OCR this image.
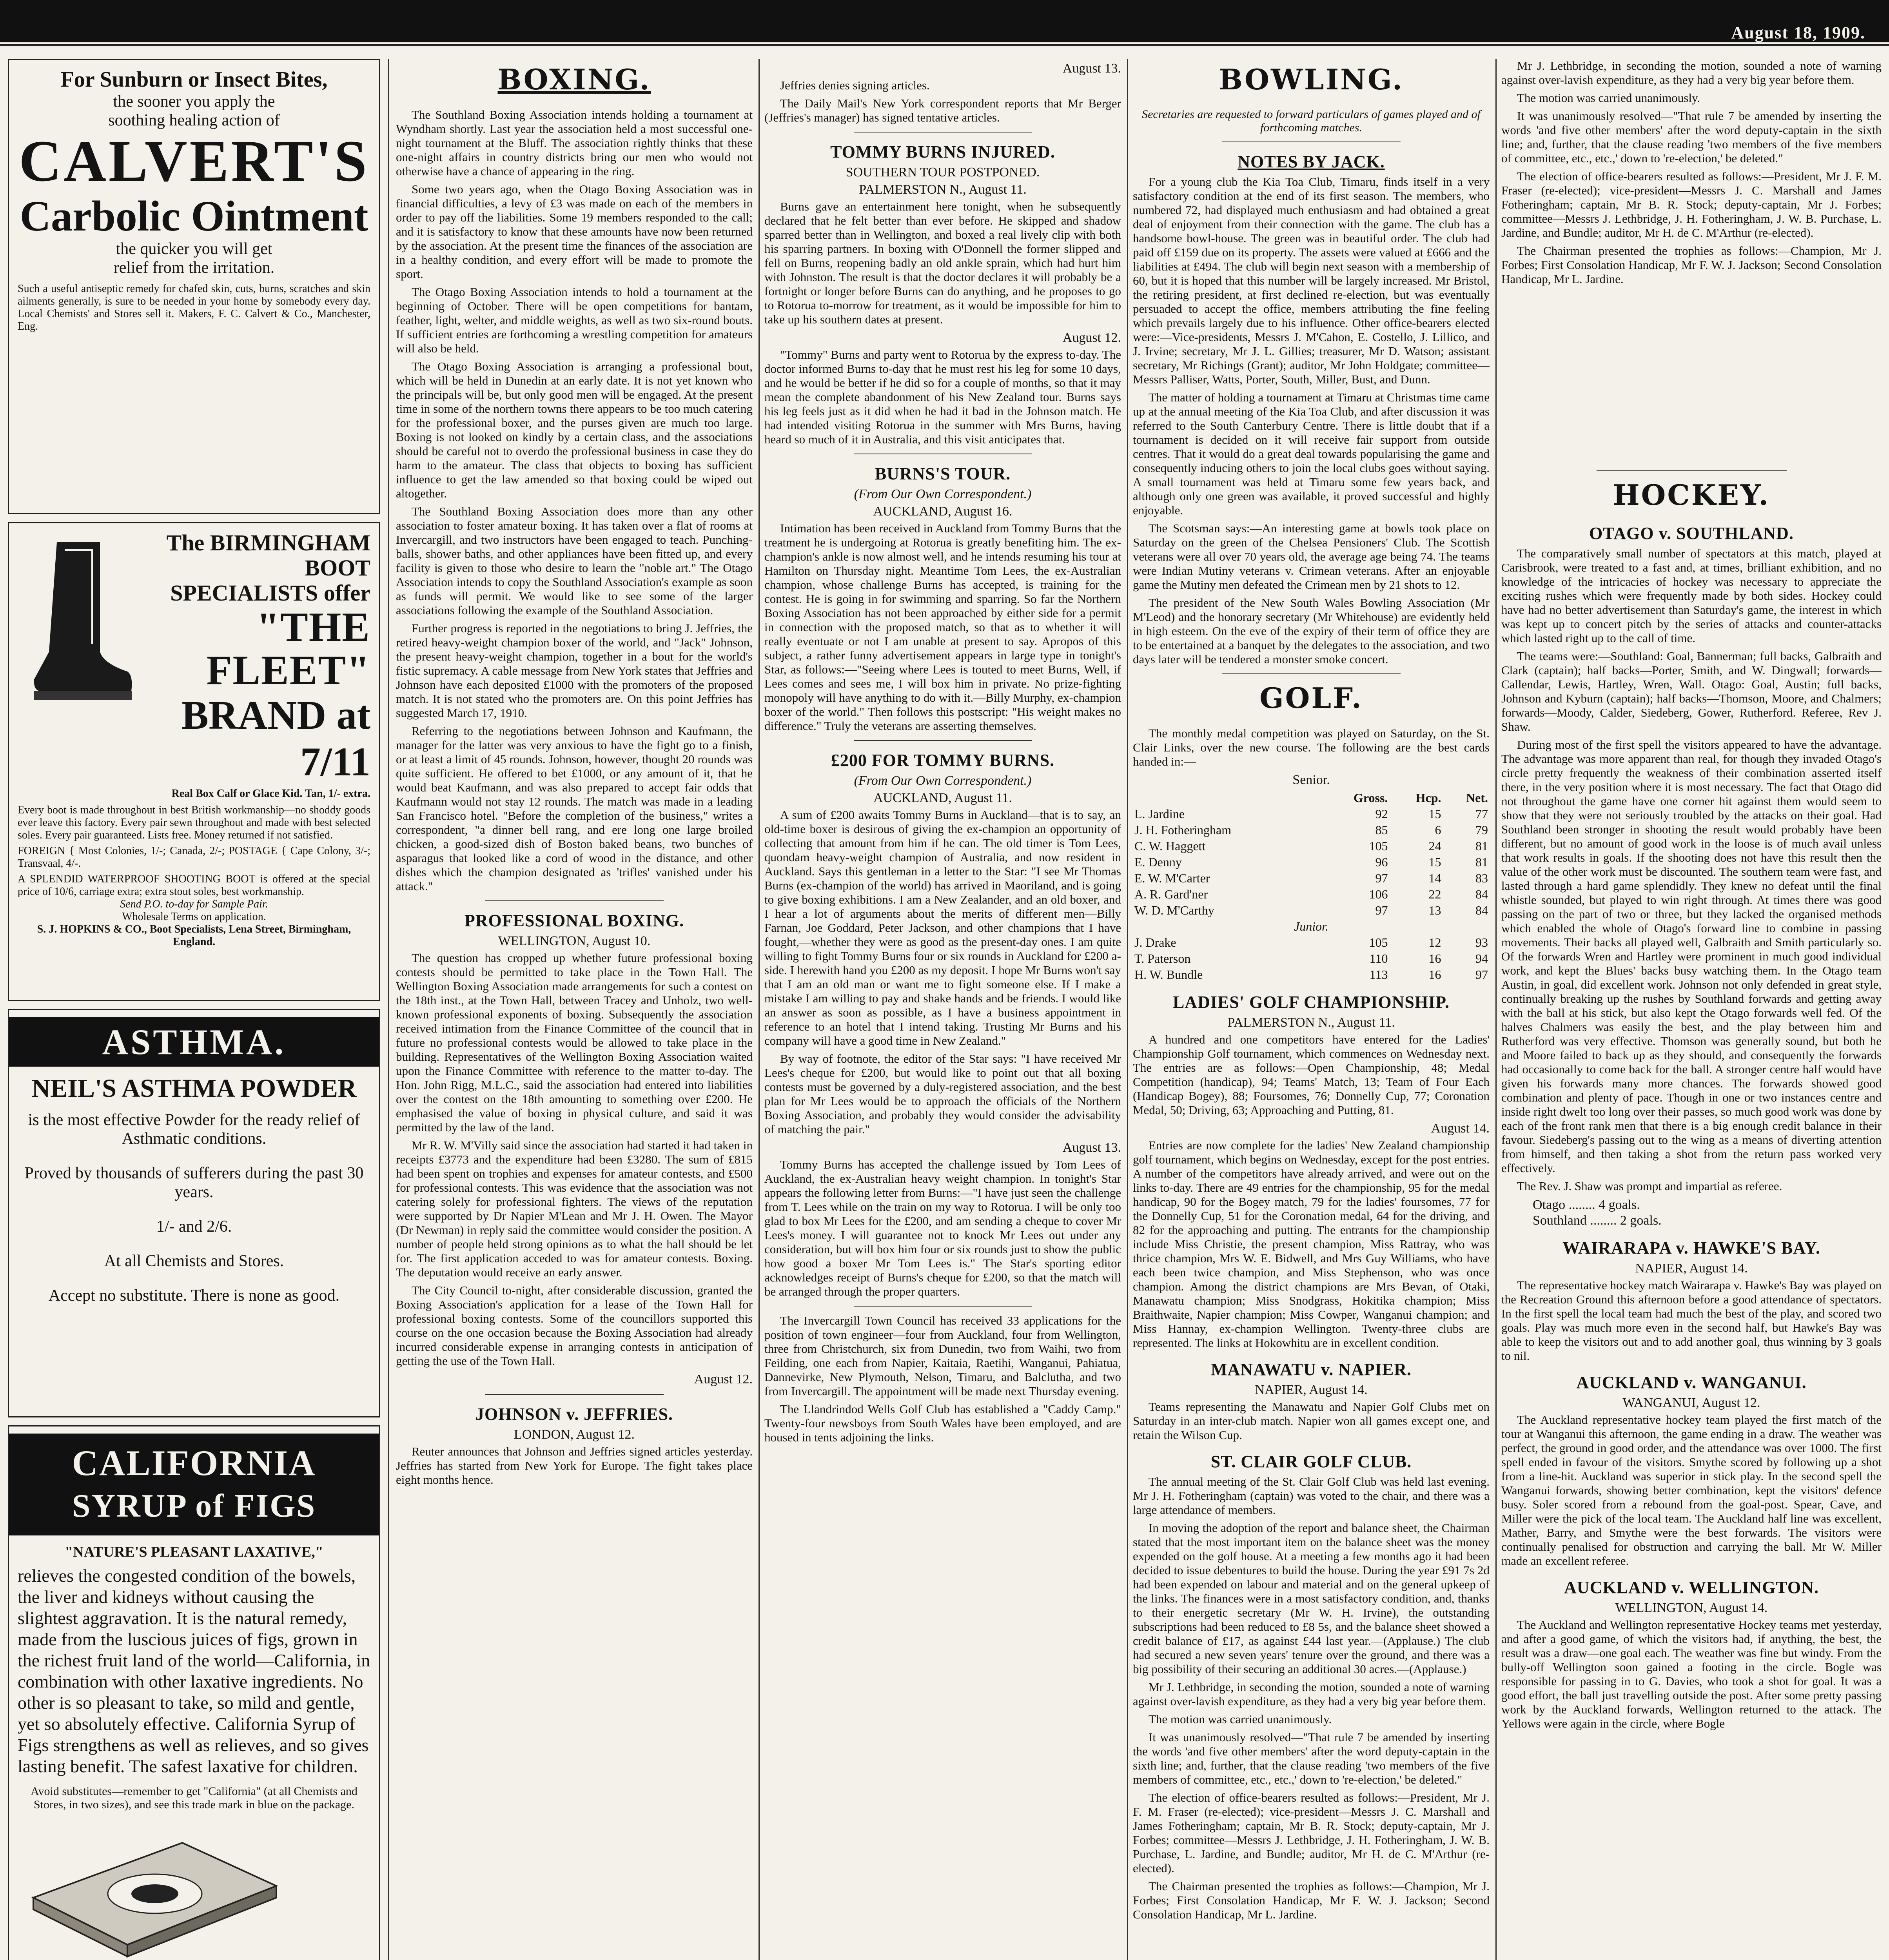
August 18, 1909.
For Sunburn or Insect Bites,
the sooner you apply the
soothing healing action of
CALVERT'S
Carbolic Ointment
the quicker you will get
relief from the irritation.
Such a useful antiseptic remedy for chafed skin, cuts, burns, scratches and skin ailments generally, is sure to be needed in your home by somebody every day. Local Chemists' and Stores sell it. Makers, F. C. Calvert & Co., Manchester, Eng.
The BIRMINGHAM BOOT
SPECIALISTS offer
"THE FLEET"
BRAND at 7/11
Real Box Calf or Glace Kid. Tan, 1/- extra.
Every boot is made throughout in best British workmanship—no shoddy goods ever leave this factory. Every pair sewn throughout and made with best selected soles. Every pair guaranteed. Lists free. Money returned if not satisfied.
FOREIGN { Most Colonies, 1/-; Canada, 2/-; POSTAGE { Cape Colony, 3/-; Transvaal, 4/-.
A SPLENDID WATERPROOF SHOOTING BOOT is offered at the special price of 10/6, carriage extra; extra stout soles, best workmanship.
Send P.O. to-day for Sample Pair.
Wholesale Terms on application.
S. J. HOPKINS & CO., Boot Specialists, Lena Street, Birmingham, England.
ASTHMA.
NEIL'S ASTHMA POWDER
is the most effective Powder for the ready relief of Asthmatic conditions.
Proved by thousands of sufferers during the past 30 years.
1/- and 2/6.
At all Chemists and Stores.
Accept no substitute. There is none as good.
CALIFORNIA
SYRUP of FIGS
"NATURE'S PLEASANT LAXATIVE,"
relieves the congested condition of the bowels, the liver and kidneys without causing the slightest aggravation. It is the natural remedy, made from the luscious juices of figs, grown in the richest fruit land of the world—California, in combination with other laxative ingredients. No other is so pleasant to take, so mild and gentle, yet so absolutely effective. California Syrup of Figs strengthens as well as relieves, and so gives lasting benefit. The safest laxative for children.
Avoid substitutes—remember to get "California" (at all Chemists and Stores, in two sizes), and see this trade mark in blue on the package.
BOXING.

The Southland Boxing Association intends holding a tournament at Wyndham shortly. Last year the association held a most successful one-night tournament at the Bluff. The association rightly thinks that these one-night affairs in country districts bring our men who would not otherwise have a chance of appearing in the ring.

Some two years ago, when the Otago Boxing Association was in financial difficulties, a levy of £3 was made on each of the members in order to pay off the liabilities. Some 19 members responded to the call; and it is satisfactory to know that these amounts have now been returned by the association. At the present time the finances of the association are in a healthy condition, and every effort will be made to promote the sport.

The Otago Boxing Association intends to hold a tournament at the beginning of October. There will be open competitions for bantam, feather, light, welter, and middle weights, as well as two six-round bouts. If sufficient entries are forthcoming a wrestling competition for amateurs will also be held.

The Otago Boxing Association is arranging a professional bout, which will be held in Dunedin at an early date. It is not yet known who the principals will be, but only good men will be engaged. At the present time in some of the northern towns there appears to be too much catering for the professional boxer, and the purses given are much too large. Boxing is not looked on kindly by a certain class, and the associations should be careful not to overdo the professional business in case they do harm to the amateur. The class that objects to boxing has sufficient influence to get the law amended so that boxing could be wiped out altogether.

The Southland Boxing Association does more than any other association to foster amateur boxing. It has taken over a flat of rooms at Invercargill, and two instructors have been engaged to teach. Punching-balls, shower baths, and other appliances have been fitted up, and every facility is given to those who desire to learn the "noble art." The Otago Association intends to copy the Southland Association's example as soon as funds will permit. We would like to see some of the larger associations following the example of the Southland Association.

Further progress is reported in the negotiations to bring J. Jeffries, the retired heavy-weight champion boxer of the world, and "Jack" Johnson, the present heavy-weight champion, together in a bout for the world's fistic supremacy. A cable message from New York states that Jeffries and Johnson have each deposited £1000 with the promoters of the proposed match. It is not stated who the promoters are. On this point Jeffries has suggested March 17, 1910.

Referring to the negotiations between Johnson and Kaufmann, the manager for the latter was very anxious to have the fight go to a finish, or at least a limit of 45 rounds. Johnson, however, thought 20 rounds was quite sufficient. He offered to bet £1000, or any amount of it, that he would beat Kaufmann, and was also prepared to accept fair odds that Kaufmann would not stay 12 rounds. The match was made in a leading San Francisco hotel. "Before the completion of the business," writes a correspondent, "a dinner bell rang, and ere long one large broiled chicken, a good-sized dish of Boston baked beans, two bunches of asparagus that looked like a cord of wood in the distance, and other dishes which the champion designated as 'trifles' vanished under his attack."

PROFESSIONAL BOXING.
WELLINGTON, August 10.

The question has cropped up whether future professional boxing contests should be permitted to take place in the Town Hall. The Wellington Boxing Association made arrangements for such a contest on the 18th inst., at the Town Hall, between Tracey and Unholz, two well-known professional exponents of boxing. Subsequently the association received intimation from the Finance Committee of the council that in future no professional contests would be allowed to take place in the building. Representatives of the Wellington Boxing Association waited upon the Finance Committee with reference to the matter to-day. The Hon. John Rigg, M.L.C., said the association had entered into liabilities over the contest on the 18th amounting to something over £200. He emphasised the value of boxing in physical culture, and said it was permitted by the law of the land.

Mr R. W. M'Villy said since the association had started it had taken in receipts £3773 and the expenditure had been £3280. The sum of £815 had been spent on trophies and expenses for amateur contests, and £500 for professional contests. This was evidence that the association was not catering solely for professional fighters. The views of the reputation were supported by Dr Napier M'Lean and Mr J. H. Owen. The Mayor (Dr Newman) in reply said the committee would consider the position. A number of people held strong opinions as to what the hall should be let for. The first application acceded to was for amateur contests. Boxing. The deputation would receive an early answer.

The City Council to-night, after considerable discussion, granted the Boxing Association's application for a lease of the Town Hall for professional boxing contests. Some of the councillors supported this course on the one occasion because the Boxing Association had already incurred considerable expense in arranging contests in anticipation of getting the use of the Town Hall.

August 12.
JOHNSON v. JEFFRIES.
LONDON, August 12.

Reuter announces that Johnson and Jeffries signed articles yesterday. Jeffries has started from New York for Europe. The fight takes place eight months hence.

August 13.

Jeffries denies signing articles.

The Daily Mail's New York correspondent reports that Mr Berger (Jeffries's manager) has signed tentative articles.

TOMMY BURNS INJURED.
SOUTHERN TOUR POSTPONED.
PALMERSTON N., August 11.

Burns gave an entertainment here tonight, when he subsequently declared that he felt better than ever before. He skipped and shadow sparred better than in Wellington, and boxed a real lively clip with both his sparring partners. In boxing with O'Donnell the former slipped and fell on Burns, reopening badly an old ankle sprain, which had hurt him with Johnston. The result is that the doctor declares it will probably be a fortnight or longer before Burns can do anything, and he proposes to go to Rotorua to-morrow for treatment, as it would be impossible for him to take up his southern dates at present.

August 12.

"Tommy" Burns and party went to Rotorua by the express to-day. The doctor informed Burns to-day that he must rest his leg for some 10 days, and he would be better if he did so for a couple of months, so that it may mean the complete abandonment of his New Zealand tour. Burns says his leg feels just as it did when he had it bad in the Johnson match. He had intended visiting Rotorua in the summer with Mrs Burns, having heard so much of it in Australia, and this visit anticipates that.

BURNS'S TOUR.
(From Our Own Correspondent.)
AUCKLAND, August 16.

Intimation has been received in Auckland from Tommy Burns that the treatment he is undergoing at Rotorua is greatly benefiting him. The ex-champion's ankle is now almost well, and he intends resuming his tour at Hamilton on Thursday night. Meantime Tom Lees, the ex-Australian champion, whose challenge Burns has accepted, is training for the contest. He is going in for swimming and sparring. So far the Northern Boxing Association has not been approached by either side for a permit in connection with the proposed match, so that as to whether it will really eventuate or not I am unable at present to say. Apropos of this subject, a rather funny advertisement appears in large type in tonight's Star, as follows:—"Seeing where Lees is touted to meet Burns, Well, if Lees comes and sees me, I will box him in private. No prize-fighting monopoly will have anything to do with it.—Billy Murphy, ex-champion boxer of the world." Then follows this postscript: "His weight makes no difference." Truly the veterans are asserting themselves.

£200 FOR TOMMY BURNS.
(From Our Own Correspondent.)
AUCKLAND, August 11.

A sum of £200 awaits Tommy Burns in Auckland—that is to say, an old-time boxer is desirous of giving the ex-champion an opportunity of collecting that amount from him if he can. The old timer is Tom Lees, quondam heavy-weight champion of Australia, and now resident in Auckland. Says this gentleman in a letter to the Star: "I see Mr Thomas Burns (ex-champion of the world) has arrived in Maoriland, and is going to give boxing exhibitions. I am a New Zealander, and an old boxer, and I hear a lot of arguments about the merits of different men—Billy Farnan, Joe Goddard, Peter Jackson, and other champions that I have fought,—whether they were as good as the present-day ones. I am quite willing to fight Tommy Burns four or six rounds in Auckland for £200 a-side. I herewith hand you £200 as my deposit. I hope Mr Burns won't say that I am an old man or want me to fight someone else. If I make a mistake I am willing to pay and shake hands and be friends. I would like an answer as soon as possible, as I have a business appointment in reference to an hotel that I intend taking. Trusting Mr Burns and his company will have a good time in New Zealand."

By way of footnote, the editor of the Star says: "I have received Mr Lees's cheque for £200, but would like to point out that all boxing contests must be governed by a duly-registered association, and the best plan for Mr Lees would be to approach the officials of the Northern Boxing Association, and probably they would consider the advisability of matching the pair."

August 13.

Tommy Burns has accepted the challenge issued by Tom Lees of Auckland, the ex-Australian heavy weight champion. In tonight's Star appears the following letter from Burns:—"I have just seen the challenge from T. Lees while on the train on my way to Rotorua. I will be only too glad to box Mr Lees for the £200, and am sending a cheque to cover Mr Lees's money. I will guarantee not to knock Mr Lees out under any consideration, but will box him four or six rounds just to show the public how good a boxer Mr Tom Lees is." The Star's sporting editor acknowledges receipt of Burns's cheque for £200, so that the match will be arranged through the proper quarters.

The Invercargill Town Council has received 33 applications for the position of town engineer—four from Auckland, four from Wellington, three from Christchurch, six from Dunedin, two from Waihi, two from Feilding, one each from Napier, Kaitaia, Raetihi, Wanganui, Pahiatua, Dannevirke, New Plymouth, Nelson, Timaru, and Balclutha, and two from Invercargill. The appointment will be made next Thursday evening.

The Llandrindod Wells Golf Club has established a "Caddy Camp." Twenty-four newsboys from South Wales have been employed, and are housed in tents adjoining the links.

BOWLING.
Secretaries are requested to forward particulars of games played and of forthcoming matches.
NOTES BY JACK.

For a young club the Kia Toa Club, Timaru, finds itself in a very satisfactory condition at the end of its first season. The members, who numbered 72, had displayed much enthusiasm and had obtained a great deal of enjoyment from their connection with the game. The club has a handsome bowl-house. The green was in beautiful order. The club had paid off £159 due on its property. The assets were valued at £666 and the liabilities at £494. The club will begin next season with a membership of 60, but it is hoped that this number will be largely increased. Mr Bristol, the retiring president, at first declined re-election, but was eventually persuaded to accept the office, members attributing the fine feeling which prevails largely due to his influence. Other office-bearers elected were:—Vice-presidents, Messrs J. M'Cahon, E. Costello, J. Lillico, and J. Irvine; secretary, Mr J. L. Gillies; treasurer, Mr D. Watson; assistant secretary, Mr Richings (Grant); auditor, Mr John Holdgate; committee—Messrs Palliser, Watts, Porter, South, Miller, Bust, and Dunn.

The matter of holding a tournament at Timaru at Christmas time came up at the annual meeting of the Kia Toa Club, and after discussion it was referred to the South Canterbury Centre. There is little doubt that if a tournament is decided on it will receive fair support from outside centres. That it would do a great deal towards popularising the game and consequently inducing others to join the local clubs goes without saying. A small tournament was held at Timaru some few years back, and although only one green was available, it proved successful and highly enjoyable.

The Scotsman says:—An interesting game at bowls took place on Saturday on the green of the Chelsea Pensioners' Club. The Scottish veterans were all over 70 years old, the average age being 74. The teams were Indian Mutiny veterans v. Crimean veterans. After an enjoyable game the Mutiny men defeated the Crimean men by 21 shots to 12.

The president of the New South Wales Bowling Association (Mr M'Leod) and the honorary secretary (Mr Whitehouse) are evidently held in high esteem. On the eve of the expiry of their term of office they are to be entertained at a banquet by the delegates to the association, and two days later will be tendered a monster smoke concert.

GOLF.

The monthly medal competition was played on Saturday, on the St. Clair Links, over the new course. The following are the best cards handed in:—

Senior.
	Gross.	Hcp.	Net.
L. Jardine	92	15	77
J. H. Fotheringham	85	6	79
C. W. Haggett	105	24	81
E. Denny	96	15	81
E. W. M'Carter	97	14	83
A. R. Gard'ner	106	22	84
W. D. M'Carthy	97	13	84
Junior.			
J. Drake	105	12	93
T. Paterson	110	16	94
H. W. Bundle	113	16	97
LADIES' GOLF CHAMPIONSHIP.
PALMERSTON N., August 11.

A hundred and one competitors have entered for the Ladies' Championship Golf tournament, which commences on Wednesday next. The entries are as follows:—Open Championship, 48; Medal Competition (handicap), 94; Teams' Match, 13; Team of Four Each (Handicap Bogey), 88; Foursomes, 76; Donnelly Cup, 77; Coronation Medal, 50; Driving, 63; Approaching and Putting, 81.

August 14.

Entries are now complete for the ladies' New Zealand championship golf tournament, which begins on Wednesday, except for the post entries. A number of the competitors have already arrived, and were out on the links to-day. There are 49 entries for the championship, 95 for the medal handicap, 90 for the Bogey match, 79 for the ladies' foursomes, 77 for the Donnelly Cup, 51 for the Coronation medal, 64 for the driving, and 82 for the approaching and putting. The entrants for the championship include Miss Christie, the present champion, Miss Rattray, who was thrice champion, Mrs W. E. Bidwell, and Mrs Guy Williams, who have each been twice champion, and Miss Stephenson, who was once champion. Among the district champions are Mrs Bevan, of Otaki, Manawatu champion; Miss Snodgrass, Hokitika champion; Miss Braithwaite, Napier champion; Miss Cowper, Wanganui champion; and Miss Hannay, ex-champion Wellington. Twenty-three clubs are represented. The links at Hokowhitu are in excellent condition.

MANAWATU v. NAPIER.
NAPIER, August 14.

Teams representing the Manawatu and Napier Golf Clubs met on Saturday in an inter-club match. Napier won all games except one, and retain the Wilson Cup.

ST. CLAIR GOLF CLUB.

The annual meeting of the St. Clair Golf Club was held last evening. Mr J. H. Fotheringham (captain) was voted to the chair, and there was a large attendance of members.

In moving the adoption of the report and balance sheet, the Chairman stated that the most important item on the balance sheet was the money expended on the golf house. At a meeting a few months ago it had been decided to issue debentures to build the house. During the year £91 7s 2d had been expended on labour and material and on the general upkeep of the links. The finances were in a most satisfactory condition, and, thanks to their energetic secretary (Mr W. H. Irvine), the outstanding subscriptions had been reduced to £8 5s, and the balance sheet showed a credit balance of £17, as against £44 last year.—(Applause.) The club had secured a new seven years' tenure over the ground, and there was a big possibility of their securing an additional 30 acres.—(Applause.)

Mr J. Lethbridge, in seconding the motion, sounded a note of warning against over-lavish expenditure, as they had a very big year before them.

The motion was carried unanimously.

It was unanimously resolved—"That rule 7 be amended by inserting the words 'and five other members' after the word deputy-captain in the sixth line; and, further, that the clause reading 'two members of the five members of committee, etc., etc.,' down to 're-election,' be deleted."

The election of office-bearers resulted as follows:—President, Mr J. F. M. Fraser (re-elected); vice-president—Messrs J. C. Marshall and James Fotheringham; captain, Mr B. R. Stock; deputy-captain, Mr J. Forbes; committee—Messrs J. Lethbridge, J. H. Fotheringham, J. W. B. Purchase, L. Jardine, and Bundle; auditor, Mr H. de C. M'Arthur (re-elected).

The Chairman presented the trophies as follows:—Champion, Mr J. Forbes; First Consolation Handicap, Mr F. W. J. Jackson; Second Consolation Handicap, Mr L. Jardine.

HOCKEY.
OTAGO v. SOUTHLAND.

The comparatively small number of spectators at this match, played at Carisbrook, were treated to a fast and, at times, brilliant exhibition, and no knowledge of the intricacies of hockey was necessary to appreciate the exciting rushes which were frequently made by both sides. Hockey could have had no better advertisement than Saturday's game, the interest in which was kept up to concert pitch by the series of attacks and counter-attacks which lasted right up to the call of time.

The teams were:—Southland: Goal, Bannerman; full backs, Galbraith and Clark (captain); half backs—Porter, Smith, and W. Dingwall; forwards—Callendar, Lewis, Hartley, Wren, Wall. Otago: Goal, Austin; full backs, Johnson and Kyburn (captain); half backs—Thomson, Moore, and Chalmers; forwards—Moody, Calder, Siedeberg, Gower, Rutherford. Referee, Rev J. Shaw.

During most of the first spell the visitors appeared to have the advantage. The advantage was more apparent than real, for though they invaded Otago's circle pretty frequently the weakness of their combination asserted itself there, in the very position where it is most necessary. The fact that Otago did not throughout the game have one corner hit against them would seem to show that they were not seriously troubled by the attacks on their goal. Had Southland been stronger in shooting the result would probably have been different, but no amount of good work in the loose is of much avail unless that work results in goals. If the shooting does not have this result then the value of the other work must be discounted. The southern team were fast, and lasted through a hard game splendidly. They knew no defeat until the final whistle sounded, but played to win right through. At times there was good passing on the part of two or three, but they lacked the organised methods which enabled the whole of Otago's forward line to combine in passing movements. Their backs all played well, Galbraith and Smith particularly so. Of the forwards Wren and Hartley were prominent in much good individual work, and kept the Blues' backs busy watching them. In the Otago team Austin, in goal, did excellent work. Johnson not only defended in great style, continually breaking up the rushes by Southland forwards and getting away with the ball at his stick, but also kept the Otago forwards well fed. Of the halves Chalmers was easily the best, and the play between him and Rutherford was very effective. Thomson was generally sound, but both he and Moore failed to back up as they should, and consequently the forwards had occasionally to come back for the ball. A stronger centre half would have given his forwards many more chances. The forwards showed good combination and plenty of pace. Though in one or two instances centre and inside right dwelt too long over their passes, so much good work was done by each of the front rank men that there is a big enough credit balance in their favour. Siedeberg's passing out to the wing as a means of diverting attention from himself, and then taking a shot from the return pass worked very effectively.

The Rev. J. Shaw was prompt and impartial as referee.

Otago ........ 4 goals.
Southland ........ 2 goals.
WAIRARAPA v. HAWKE'S BAY.
NAPIER, August 14.

The representative hockey match Wairarapa v. Hawke's Bay was played on the Recreation Ground this afternoon before a good attendance of spectators. In the first spell the local team had much the best of the play, and scored two goals. Play was much more even in the second half, but Hawke's Bay was able to keep the visitors out and to add another goal, thus winning by 3 goals to nil.

AUCKLAND v. WANGANUI.
WANGANUI, August 12.

The Auckland representative hockey team played the first match of the tour at Wanganui this afternoon, the game ending in a draw. The weather was perfect, the ground in good order, and the attendance was over 1000. The first spell ended in favour of the visitors. Smythe scored by following up a shot from a line-hit. Auckland was superior in stick play. In the second spell the Wanganui forwards, showing better combination, kept the visitors' defence busy. Soler scored from a rebound from the goal-post. Spear, Cave, and Miller were the pick of the local team. The Auckland half line was excellent, Mather, Barry, and Smythe were the best forwards. The visitors were continually penalised for obstruction and carrying the ball. Mr W. Miller made an excellent referee.

AUCKLAND v. WELLINGTON.
WELLINGTON, August 14.

The Auckland and Wellington representative Hockey teams met yesterday, and after a good game, of which the visitors had, if anything, the best, the result was a draw—one goal each. The weather was fine but windy. From the bully-off Wellington soon gained a footing in the circle. Bogle was responsible for passing in to G. Davies, who took a shot for goal. It was a good effort, the ball just travelling outside the post. After some pretty passing work by the Auckland forwards, Wellington returned to the attack. The Yellows were again in the circle, where Bogle

Mr J. Lethbridge, in seconding the motion, sounded a note of warning against over-lavish expenditure, as they had a very big year before them.

The motion was carried unanimously.

It was unanimously resolved—"That rule 7 be amended by inserting the words 'and five other members' after the word deputy-captain in the sixth line; and, further, that the clause reading 'two members of the five members of committee, etc., etc.,' down to 're-election,' be deleted."

The election of office-bearers resulted as follows:—President, Mr J. F. M. Fraser (re-elected); vice-president—Messrs J. C. Marshall and James Fotheringham; captain, Mr B. R. Stock; deputy-captain, Mr J. Forbes; committee—Messrs J. Lethbridge, J. H. Fotheringham, J. W. B. Purchase, L. Jardine, and Bundle; auditor, Mr H. de C. M'Arthur (re-elected).

The Chairman presented the trophies as follows:—Champion, Mr J. Forbes; First Consolation Handicap, Mr F. W. J. Jackson; Second Consolation Handicap, Mr L. Jardine.
